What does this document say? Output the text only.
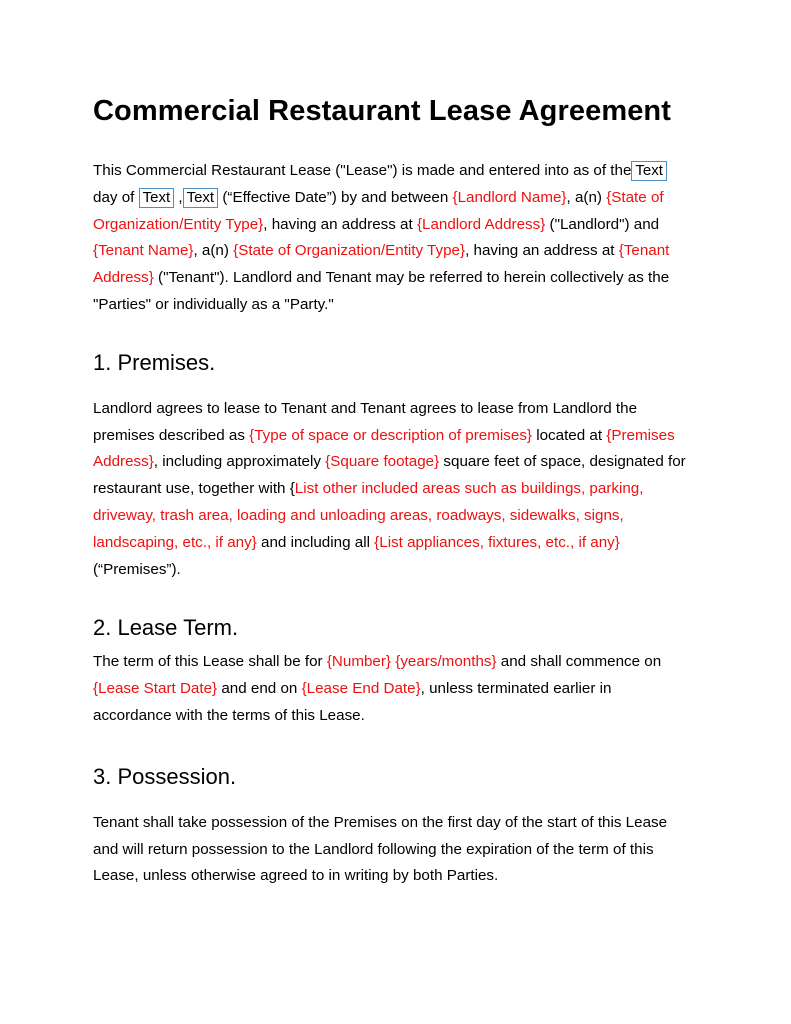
Commercial Restaurant Lease Agreement

This Commercial Restaurant Lease ("Lease") is made and entered into as of the Text
day of Text , Text (“Effective Date”) by and between {Landlord Name}, a(n) {State of Organization/Entity Type}, having an address at {Landlord Address} ("Landlord") and {Tenant Name}, a(n) {State of Organization/Entity Type}, having an address at {Tenant Address} ("Tenant"). Landlord and Tenant may be referred to herein collectively as the "Parties" or individually as a "Party."

1. Premises.

Landlord agrees to lease to Tenant and Tenant agrees to lease from Landlord the premises described as {Type of space or description of premises} located at {Premises Address}, including approximately {Square footage} square feet of space, designated for restaurant use, together with {List other included areas such as buildings, parking, driveway, trash area, loading and unloading areas, roadways, sidewalks, signs, landscaping, etc., if any} and including all {List appliances, fixtures, etc., if any}
(“Premises”).

2. Lease Term.

The term of this Lease shall be for {Number} {years/months} and shall commence on
{Lease Start Date} and end on {Lease End Date}, unless terminated earlier in accordance with the terms of this Lease.

3. Possession.

Tenant shall take possession of the Premises on the first day of the start of this Lease and will return possession to the Landlord following the expiration of the term of this Lease, unless otherwise agreed to in writing by both Parties.
